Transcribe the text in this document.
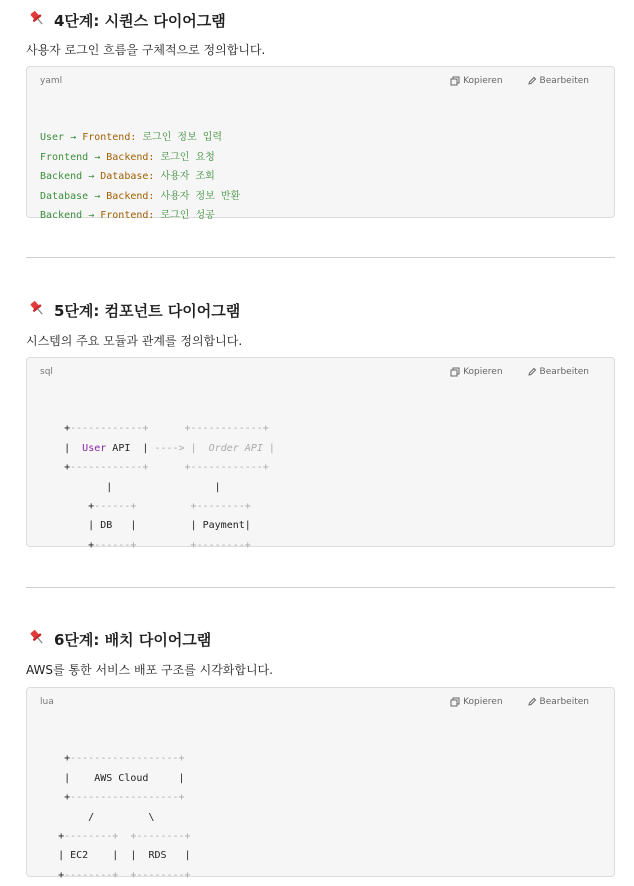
4단계: 시퀀스 다이어그램
사용자 로그인 흐름을 구체적으로 정의합니다.
yaml	Kopieren	Bearbeiten

User → Frontend: 로그인 정보 입력
Frontend → Backend: 로그인 요청
Backend → Database: 사용자 조회
Database → Backend: 사용자 정보 반환
Backend → Frontend: 로그인 성공

5단계: 컴포넌트 다이어그램
시스템의 주요 모듈과 관계를 정의합니다.
sql	Kopieren	Bearbeiten

+------------+	+------------+
| User API | ----> | Order API |
+------------+	+------------+
|	|
+------+	+--------+
| DB |	| Payment|
+------+	+--------+

6단계: 배치 다이어그램
AWS를 통한 서비스 배포 구조를 시각화합니다.
lua	Kopieren	Bearbeiten

+------------------+
| AWS Cloud	|
+------------------+
/	\
+--------+ +--------+
| EC2 | | RDS |
+--------+ +--------+
